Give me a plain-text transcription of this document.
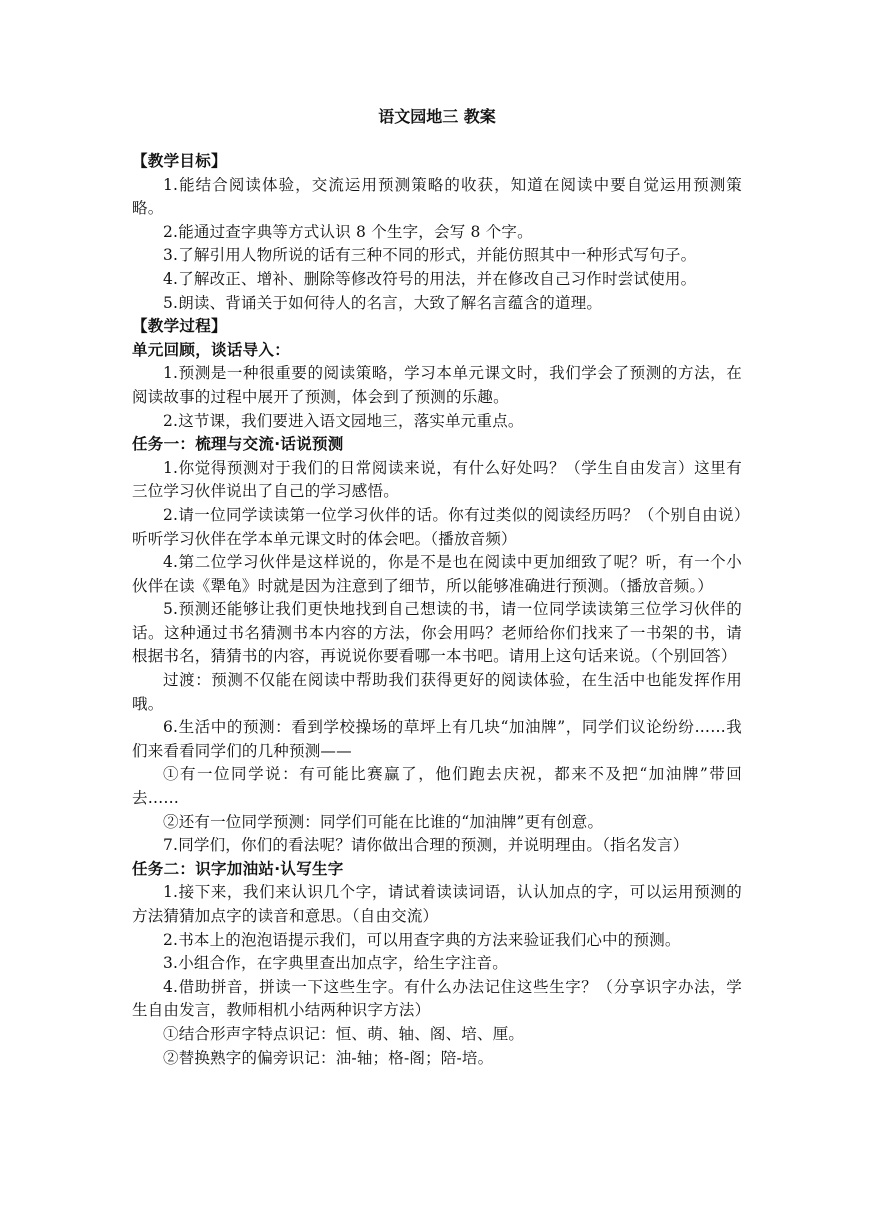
语文园地三 教案
【教学目标】

1.能结合阅读体验，交流运用预测策略的收获，知道在阅读中要自觉运用预测策略。

2.能通过查字典等方式认识 8 个生字，会写 8 个字。

3.了解引用人物所说的话有三种不同的形式，并能仿照其中一种形式写句子。

4.了解改正、增补、删除等修改符号的用法，并在修改自己习作时尝试使用。

5.朗读、背诵关于如何待人的名言，大致了解名言蕴含的道理。

【教学过程】
单元回顾，谈话导入：

1.预测是一种很重要的阅读策略，学习本单元课文时，我们学会了预测的方法，在阅读故事的过程中展开了预测，体会到了预测的乐趣。

2.这节课，我们要进入语文园地三，落实单元重点。

任务一：梳理与交流·话说预测

1.你觉得预测对于我们的日常阅读来说，有什么好处吗？（学生自由发言）这里有三位学习伙伴说出了自己的学习感悟。

2.请一位同学读读第一位学习伙伴的话。你有过类似的阅读经历吗？（个别自由说）听听学习伙伴在学本单元课文时的体会吧。（播放音频）

4.第二位学习伙伴是这样说的，你是不是也在阅读中更加细致了呢？听，有一个小伙伴在读《犟龟》时就是因为注意到了细节，所以能够准确进行预测。（播放音频。）

5.预测还能够让我们更快地找到自己想读的书，请一位同学读读第三位学习伙伴的话。这种通过书名猜测书本内容的方法，你会用吗？老师给你们找来了一书架的书，请根据书名，猜猜书的内容，再说说你要看哪一本书吧。请用上这句话来说。（个别回答）

过渡：预测不仅能在阅读中帮助我们获得更好的阅读体验，在生活中也能发挥作用哦。

6.生活中的预测：看到学校操场的草坪上有几块“加油牌”，同学们议论纷纷……我们来看看同学们的几种预测——

①有一位同学说：有可能比赛赢了，他们跑去庆祝，都来不及把“加油牌”带回去……

②还有一位同学预测：同学们可能在比谁的“加油牌”更有创意。

7.同学们，你们的看法呢？请你做出合理的预测，并说明理由。（指名发言）

任务二：识字加油站·认写生字

1.接下来，我们来认识几个字，请试着读读词语，认认加点的字，可以运用预测的方法猜猜加点字的读音和意思。（自由交流）

2.书本上的泡泡语提示我们，可以用查字典的方法来验证我们心中的预测。

3.小组合作，在字典里查出加点字，给生字注音。

4.借助拼音，拼读一下这些生字。有什么办法记住这些生字？（分享识字办法，学生自由发言，教师相机小结两种识字方法）

①结合形声字特点识记：恒、萌、轴、阁、培、厘。

②替换熟字的偏旁识记：油-轴；格-阁；陪-培。
